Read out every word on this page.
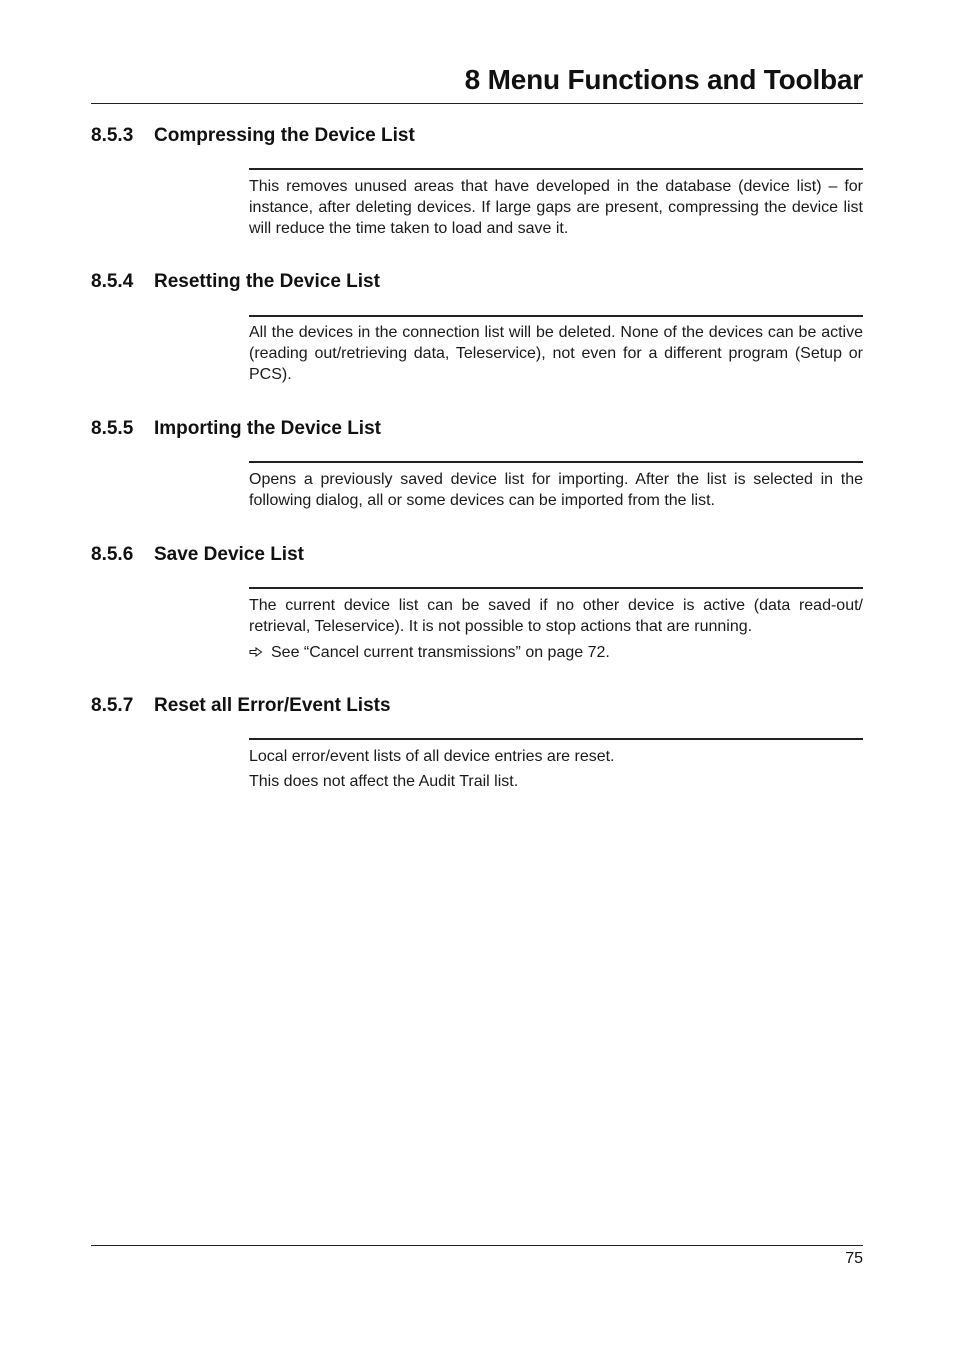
8 Menu Functions and Toolbar
8.5.3 Compressing the Device List

This removes unused areas that have developed in the database (device list) – for instance, after deleting devices. If large gaps are present, compressing the device list will reduce the time taken to load and save it.

8.5.4 Resetting the Device List

All the devices in the connection list will be deleted. None of the devices can be active (reading out/retrieving data, Teleservice), not even for a different program (Setup or PCS).

8.5.5 Importing the Device List

Opens a previously saved device list for importing. After the list is selected in the following dialog, all or some devices can be imported from the list.

8.5.6 Save Device List

The current device list can be saved if no other device is active (data read-out/ retrieval, Teleservice). It is not possible to stop actions that are running.

See “Cancel current transmissions” on page 72.
8.5.7 Reset all Error/Event Lists

Local error/event lists of all device entries are reset.

This does not affect the Audit Trail list.

75
